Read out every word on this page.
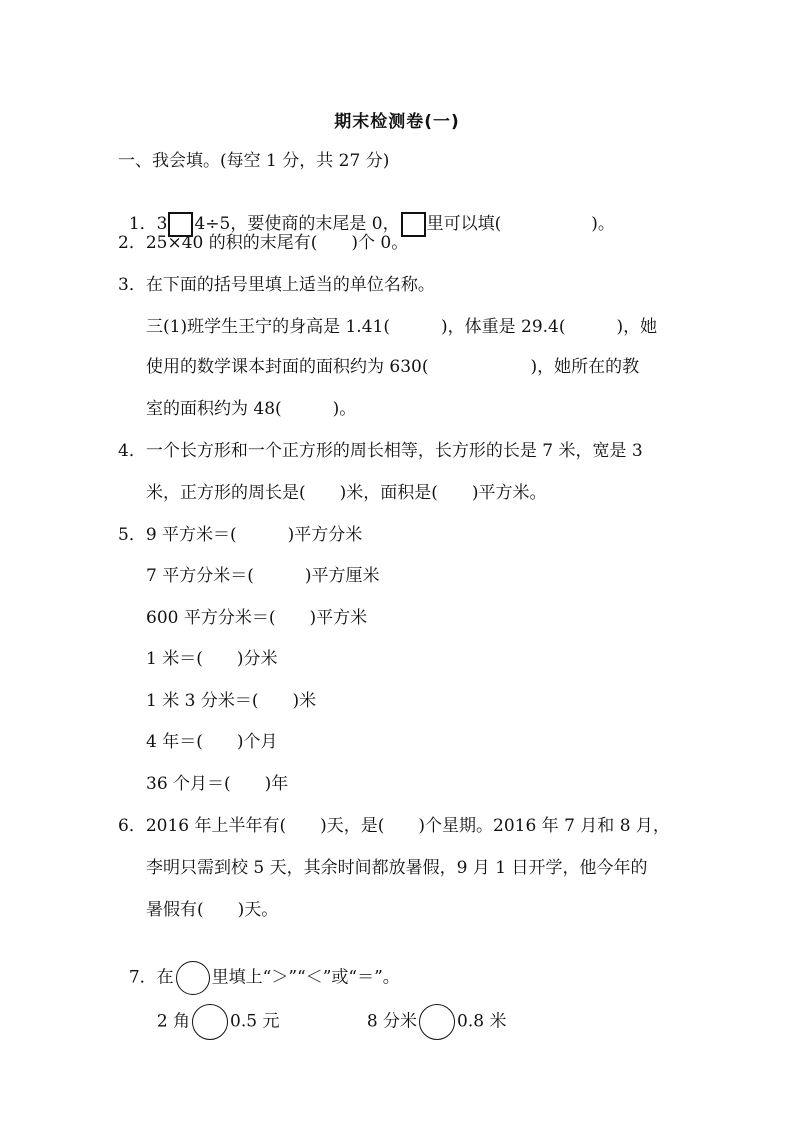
期末检测卷(一)
一、我会填。(每空 1 分，共 27 分)

1．3 4÷5，要使商的末尾是 0， 里可以填(	)。

2．25×40 的积的末尾有(　　)个 0。
3．在下面的括号里填上适当的单位名称。
三(1)班学生王宁的身高是 1.41(　　　)，体重是 29.4(　　　)，她
使用的数学课本封面的面积约为 630(　　　　　　)，她所在的教
室的面积约为 48(　　　)。
4．一个长方形和一个正方形的周长相等，长方形的长是 7 米，宽是 3
米，正方形的周长是(　　)米，面积是(　　)平方米。
5．9 平方米＝(　　　)平方分米
7 平方分米＝(　　　)平方厘米
600 平方分米＝(　　)平方米
1 米＝(　　)分米
1 米 3 分米＝(　　)米
4 年＝(　　)个月
36 个月＝(　　)年
6．2016 年上半年有(　　)天，是(　　)个星期。2016 年 7 月和 8 月，
李明只需到校 5 天，其余时间都放暑假，9 月 1 日开学，他今年的
暑假有(　　)天。

7．在 里填上“＞”“＜”或“＝”。

2 角 0.5 元	8 分米 0.8 米
